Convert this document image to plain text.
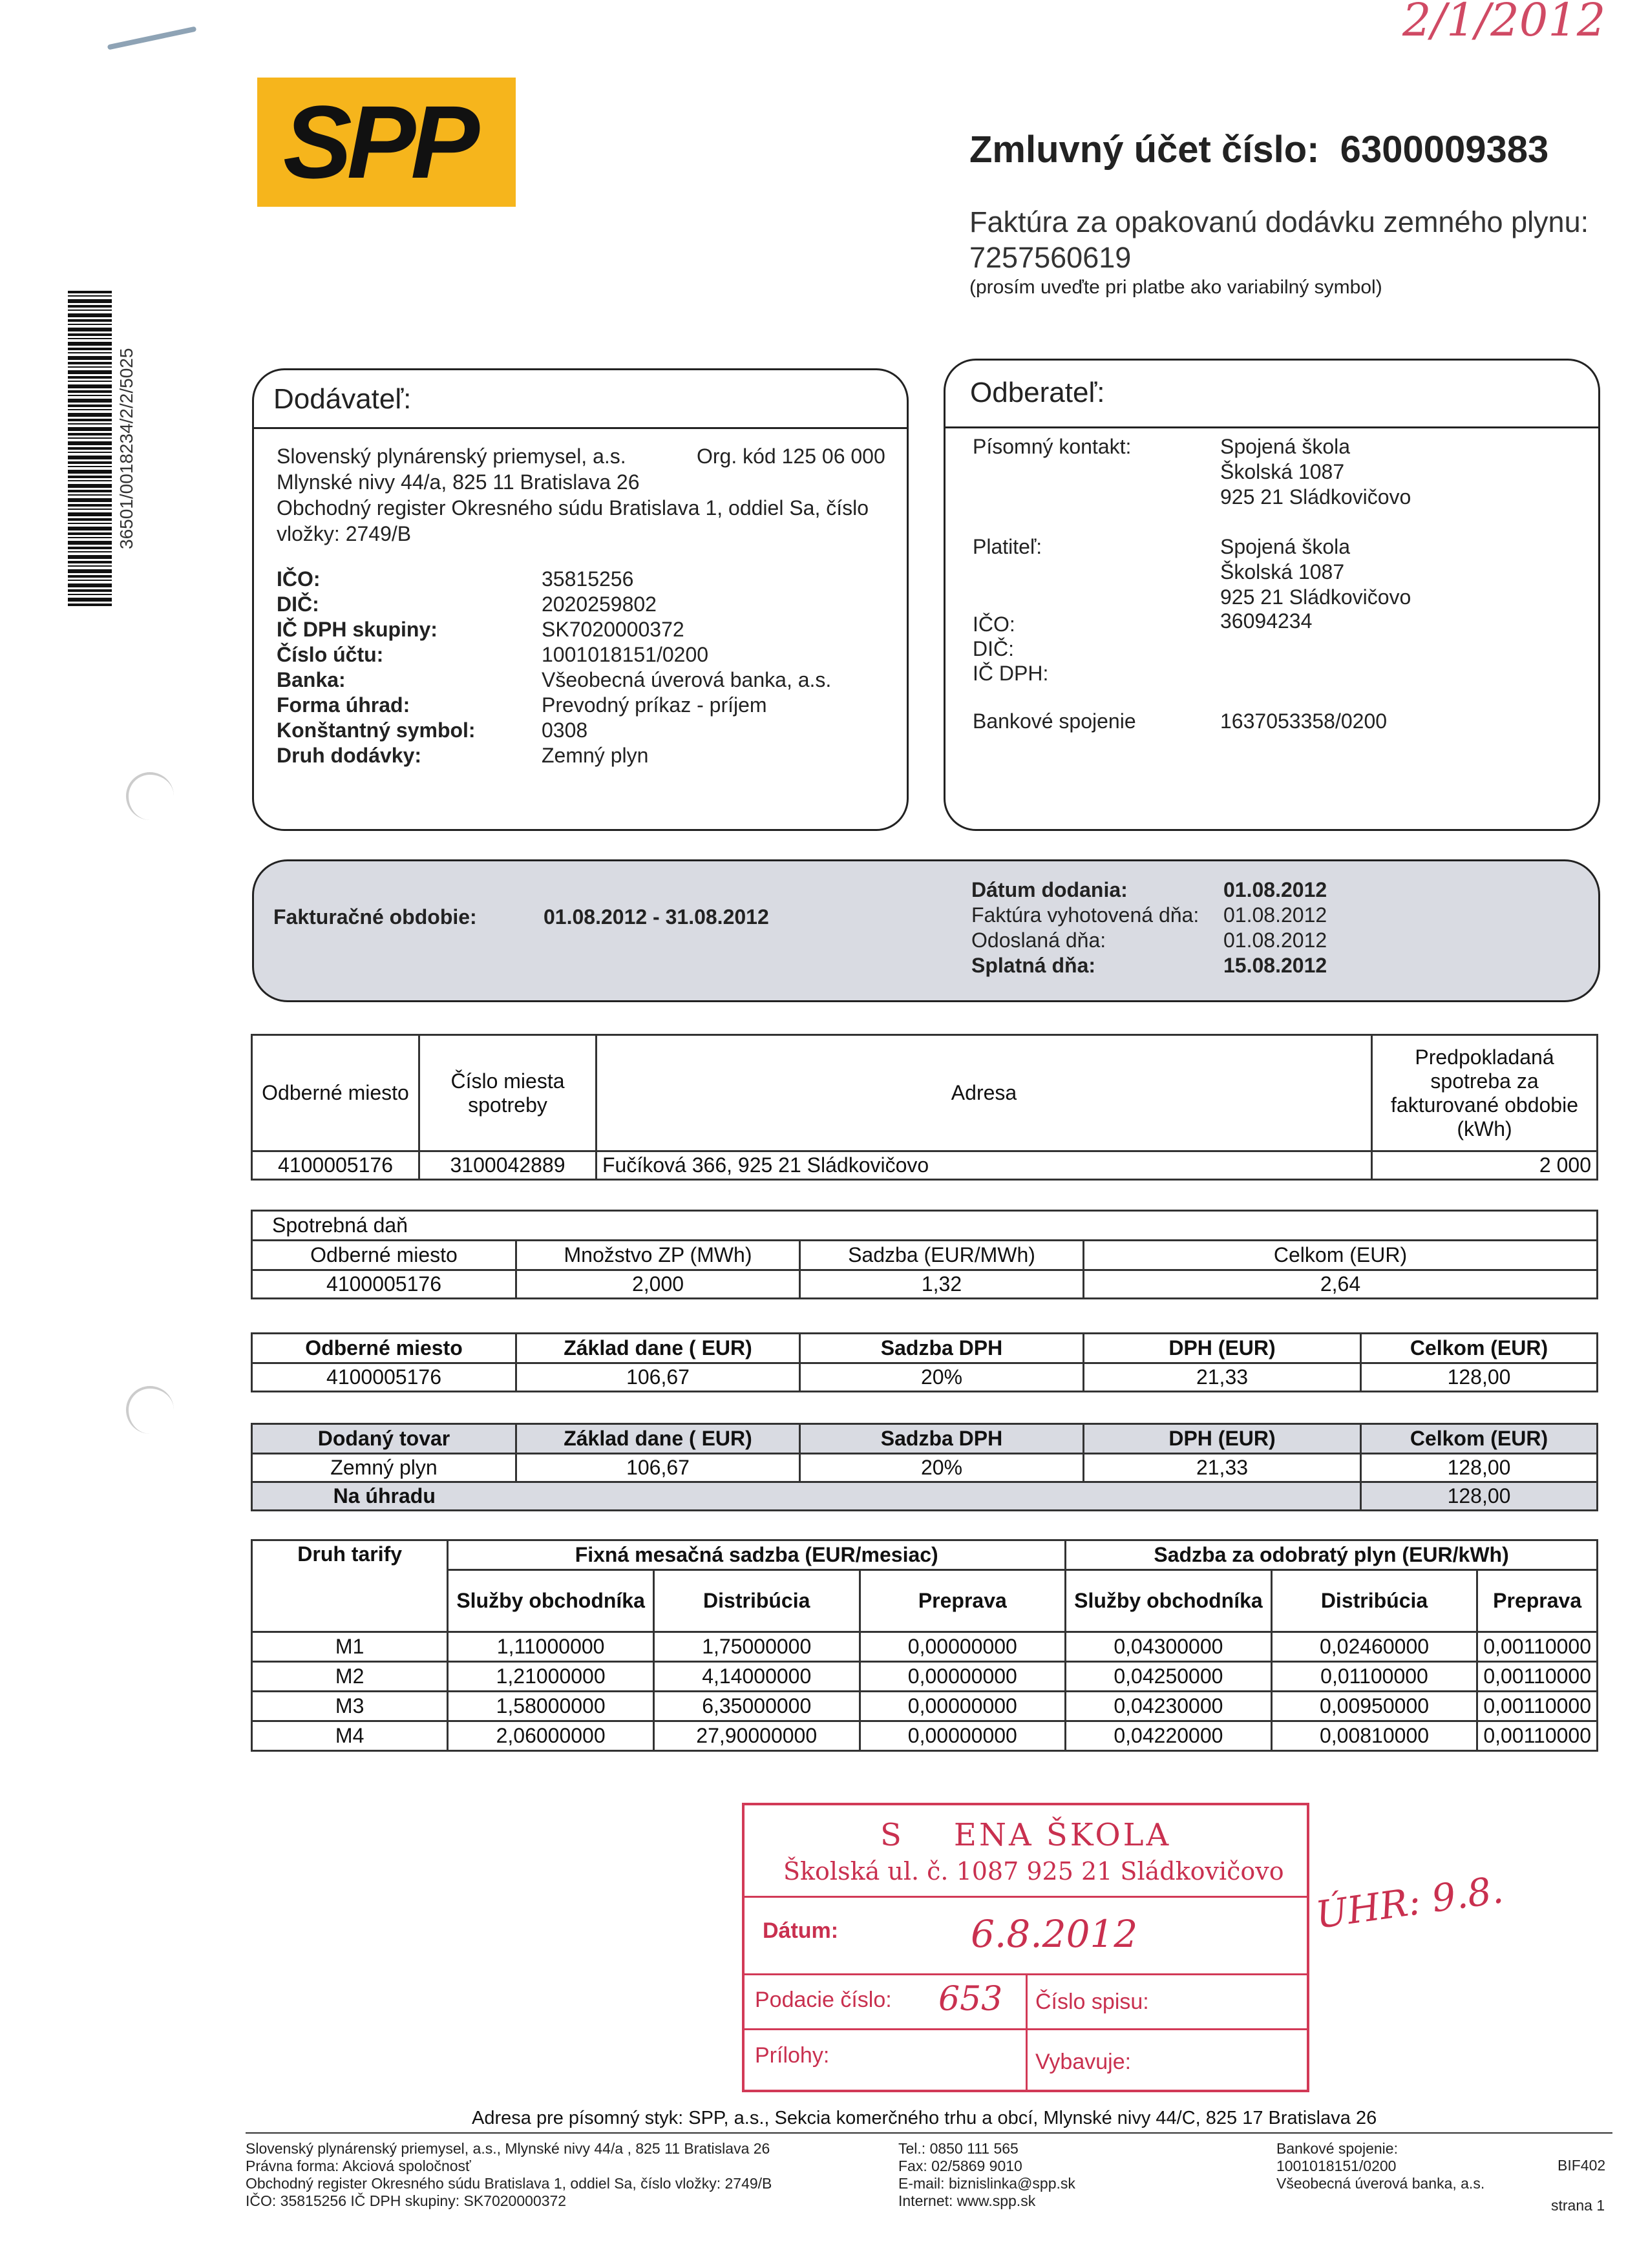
2/1/2012
SPP
36501/0018234/2/2/5025
Zmluvný účet číslo:  6300009383
Faktúra za opakovanú dodávku zemného plynu:
7257560619
(prosím uveďte pri platbe ako variabilný symbol)
Dodávateľ:
Slovenský plynárenský priemysel, a.s.	Org. kód 125 06 000
Mlynské nivy 44/a, 825 11 Bratislava 26
Obchodný register Okresného súdu Bratislava 1, oddiel Sa, číslo
vložky: 2749/B
IČO:	35815256
DIČ:	2020259802
IČ DPH skupiny:	SK7020000372
Číslo účtu:	1001018151/0200
Banka:	Všeobecná úverová banka, a.s.
Forma úhrad:	Prevodný príkaz - príjem
Konštantný symbol:	0308
Druh dodávky:	Zemný plyn
Odberateľ:
Písomný kontakt:	Spojená škola
Školská 1087
925 21 Sládkovičovo
Platiteľ:	Spojená škola
Školská 1087
925 21 Sládkovičovo
IČO:	36094234
DIČ:
IČ DPH:
Bankové spojenie	1637053358/0200
Fakturačné obdobie:	01.08.2012 - 31.08.2012
Dátum dodania:	01.08.2012
Faktúra vyhotovená dňa: 01.08.2012
Odoslaná dňa:	01.08.2012
Splatná dňa:	15.08.2012
Odberné miesto	Číslo miesta spotreby	Adresa	Predpokladaná spotreba za fakturované obdobie (kWh)
4100005176	3100042889	Fučíková 366, 925 21 Sládkovičovo	2 000
Spotrebná daň			
Odberné miesto	Množstvo ZP (MWh)	Sadzba (EUR/MWh)	Celkom (EUR)
4100005176	2,000	1,32	2,64
Odberné miesto	Základ dane ( EUR)	Sadzba DPH	DPH (EUR)	Celkom (EUR)
4100005176	106,67	20%	21,33	128,00
Dodaný tovar	Základ dane ( EUR)	Sadzba DPH	DPH (EUR)	Celkom (EUR)
Zemný plyn	106,67	20%	21,33	128,00
Na úhradu				128,00
Druh tarify	Fixná mesačná sadzba (EUR/mesiac)			Sadzba za odobratý plyn (EUR/kWh)		
	Služby obchodníka	Distribúcia	Preprava	Služby obchodníka	Distribúcia	Preprava
M1	1,11000000	1,75000000	0,00000000	0,04300000	0,02460000	0,00110000
M2	1,21000000	4,14000000	0,00000000	0,04250000	0,01100000	0,00110000
M3	1,58000000	6,35000000	0,00000000	0,04230000	0,00950000	0,00110000
M4	2,06000000	27,90000000	0,00000000	0,04220000	0,00810000	0,00110000
S    ENA ŠKOLA
Školská ul. č. 1087 925 21 Sládkovičovo
Dátum:	6.8.2012
Podacie číslo: 653 Číslo spisu:
Prílohy:	Vybavuje:
ÚHR: 9.8.
Adresa pre písomný styk: SPP, a.s., Sekcia komerčného trhu a obcí, Mlynské nivy 44/C, 825 17 Bratislava 26
Slovenský plynárenský priemysel, a.s., Mlynské nivy 44/a , 825 11 Bratislava 26
Právna forma: Akciová spoločnosť
Obchodný register Okresného súdu Bratislava 1, oddiel Sa, číslo vložky: 2749/B
IČO: 35815256 IČ DPH skupiny: SK7020000372
Tel.: 0850 111 565
Fax: 02/5869 9010
E-mail: biznislinka@spp.sk
Internet: www.spp.sk
Bankové spojenie:
1001018151/0200
Všeobecná úverová banka, a.s.
BIF402
strana 1
